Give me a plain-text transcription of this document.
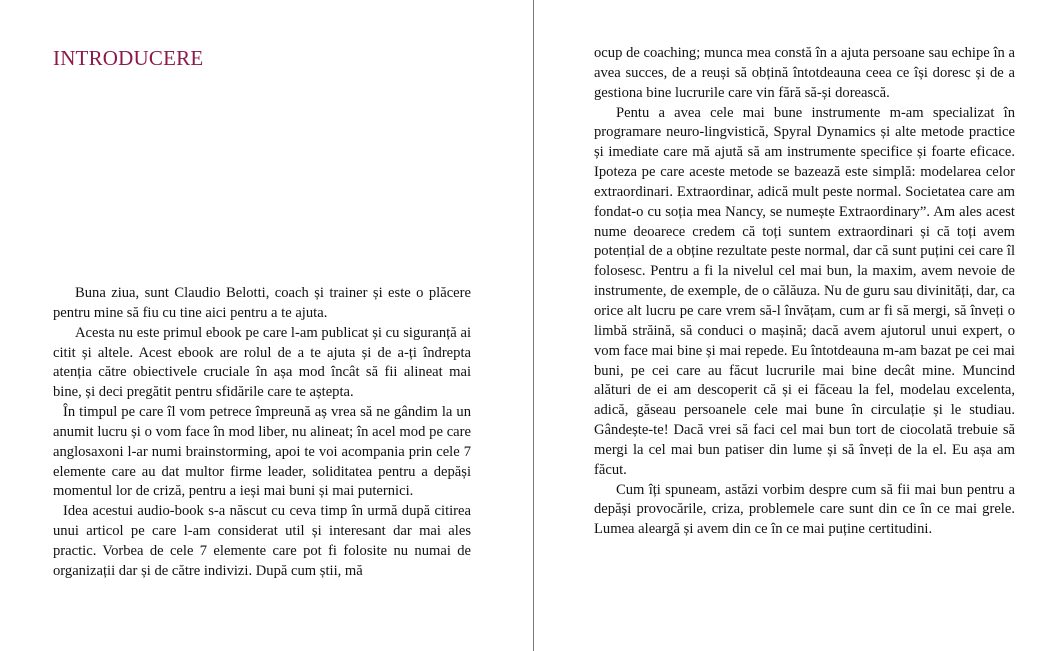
INTRODUCERE

Buna ziua, sunt Claudio Belotti, coach și trainer și este o plăcere pentru mine să fiu cu tine aici pentru a te ajuta.

Acesta nu este primul ebook pe care l-am publicat și cu siguranță ai citit și altele. Acest ebook are rolul de a te ajuta și de a-ți îndrepta atenția către obiectivele cruciale în așa mod încât să fii alineat mai bine, și deci pregătit pentru sfidările care te aștepta.

În timpul pe care îl vom petrece împreună aș vrea să ne gândim la un anumit lucru și o vom face în mod liber, nu alineat; în acel mod pe care anglosaxoni l-ar numi brainstorming, apoi te voi acompania prin cele 7 elemente care au dat multor firme leader, soliditatea pentru a depăși momentul lor de criză, pentru a ieși mai buni și mai puternici.

Idea acestui audio-book s-a născut cu ceva timp în urmă după citirea unui articol pe care l-am considerat util și interesant dar mai ales practic. Vorbea de cele 7 elemente care pot fi folosite nu numai de organizații dar și de către indivizi. După cum știi, mă

ocup de coaching; munca mea constă în a ajuta persoane sau echipe în a avea succes, de a reuși să obțină întotdeauna ceea ce își doresc și de a gestiona bine lucrurile care vin fără să-și dorească.

Pentu a avea cele mai bune instrumente m-am specializat în programare neuro-lingvistică, Spyral Dynamics și alte metode practice și imediate care mă ajută să am instrumente specifice și foarte eficace. Ipoteza pe care aceste metode se bazează este simplă: modelarea celor extraordinari. Extraordinar, adică mult peste normal. Societatea care am fondat-o cu soția mea Nancy, se numește Extraordinary”. Am ales acest nume deoarece credem că toți suntem extraordinari și că toți avem potențial de a obține rezultate peste normal, dar că sunt puțini cei care îl folosesc. Pentru a fi la nivelul cel mai bun, la maxim, avem nevoie de instrumente, de exemple, de o călăuza. Nu de guru sau divinități, dar, ca orice alt lucru pe care vrem să-l învățam, cum ar fi să mergi, să înveți o limbă străină, să conduci o mașină; dacă avem ajutorul unui expert, o vom face mai bine și mai repede. Eu întotdeauna m-am bazat pe cei mai buni, pe cei care au făcut lucrurile mai bine decât mine. Muncind alături de ei am descoperit că și ei făceau la fel, modelau excelenta, adică, găseau persoanele cele mai bune în circulație și le studiau. Gândește-te! Dacă vrei să faci cel mai bun tort de ciocolată trebuie să mergi la cel mai bun patiser din lume și să înveți de la el. Eu așa am făcut.

Cum îți spuneam, astăzi vorbim despre cum să fii mai bun pentru a depăși provocările, criza, problemele care sunt din ce în ce mai grele. Lumea aleargă și avem din ce în ce mai puține certitudini.
